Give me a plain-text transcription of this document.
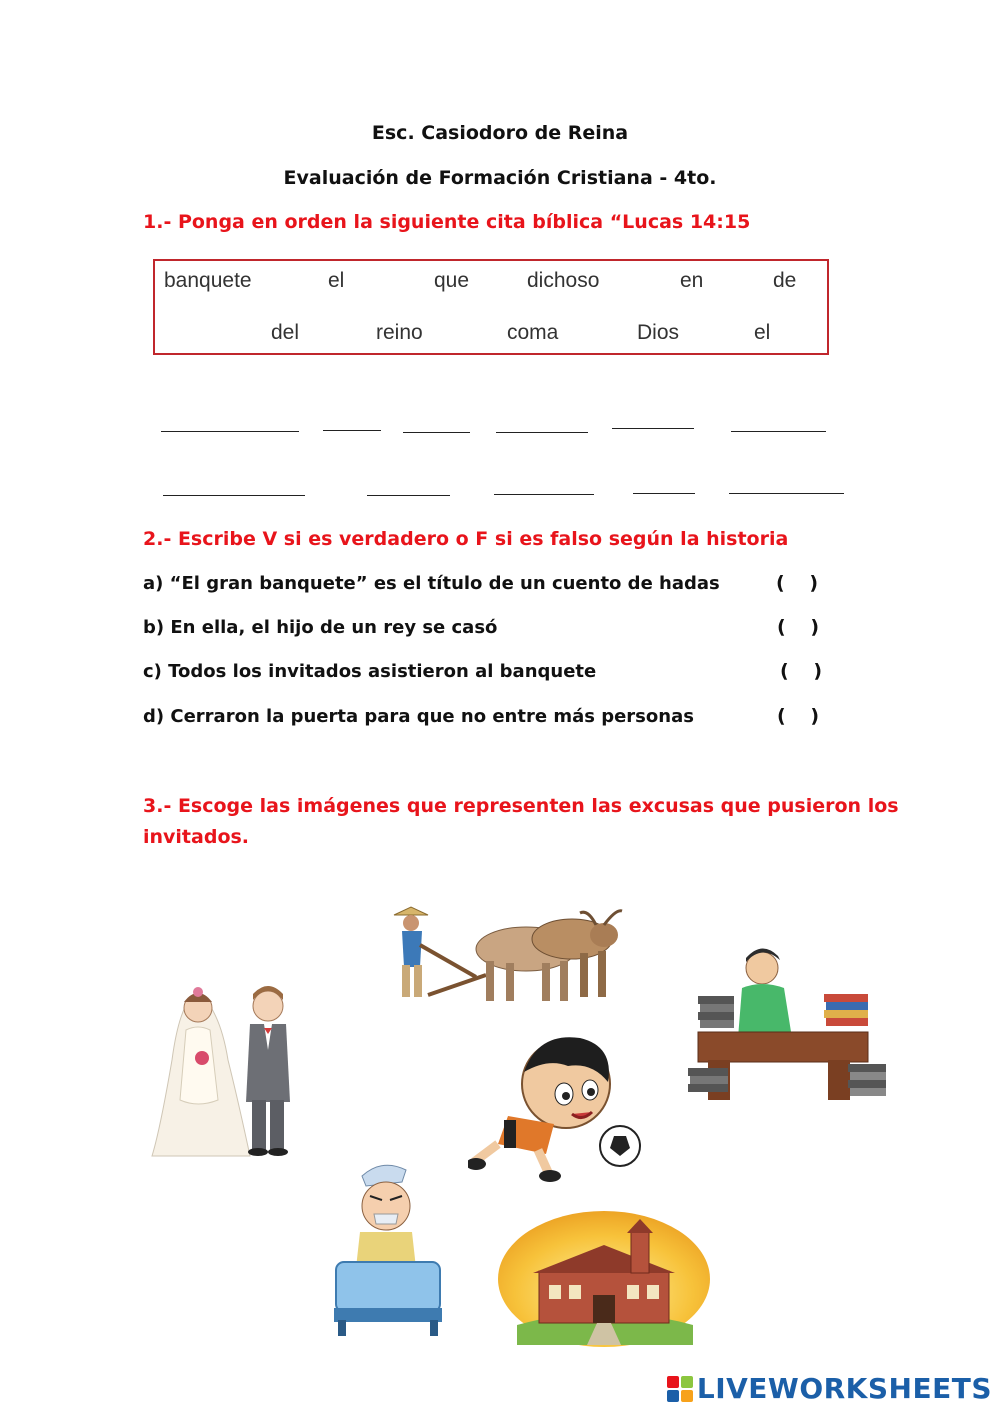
Esc. Casiodoro de Reina
Evaluación de Formación Cristiana - 4to.
1.- Ponga en orden la siguiente cita bíblica “Lucas 14:15
banquete	el	que	dichoso	en	de
del	reino	coma	Dios	el
2.- Escribe V si es verdadero o F si es falso según la historia
a) “El gran banquete” es el título de un cuento de hadas	( )
b) En ella, el hijo de un rey se casó	( )
c) Todos los invitados asistieron al banquete	( )
d) Cerraron la puerta para que no entre más personas	( )
3.- Escoge las imágenes que representen las excusas que pusieron los
invitados.
LIVEWORKSHEETS
